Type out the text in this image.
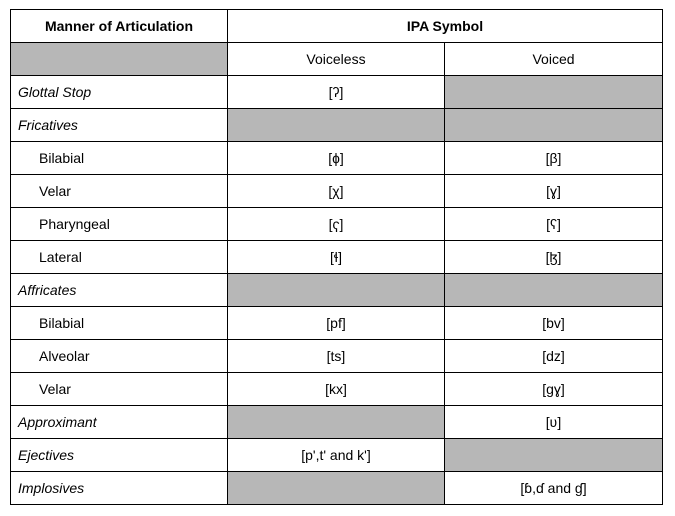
Manner of Articulation	IPA Symbol	
	Voiceless	Voiced
Glottal Stop	[ʔ]	
Fricatives		
Bilabial	[ɸ]	[β]
Velar	[χ]	[ɣ]
Pharyngeal	[ҁ]	[ʕ]
Lateral	[ɬ]	[ɮ]
Affricates		
Bilabial	[pf]	[bv]
Alveolar	[ts]	[dz]
Velar	[kx]	[gɣ]
Approximant		[ʋ]
Ejectives	[p',t' and k']	
Implosives		[ɓ,ɗ and ɠ]
